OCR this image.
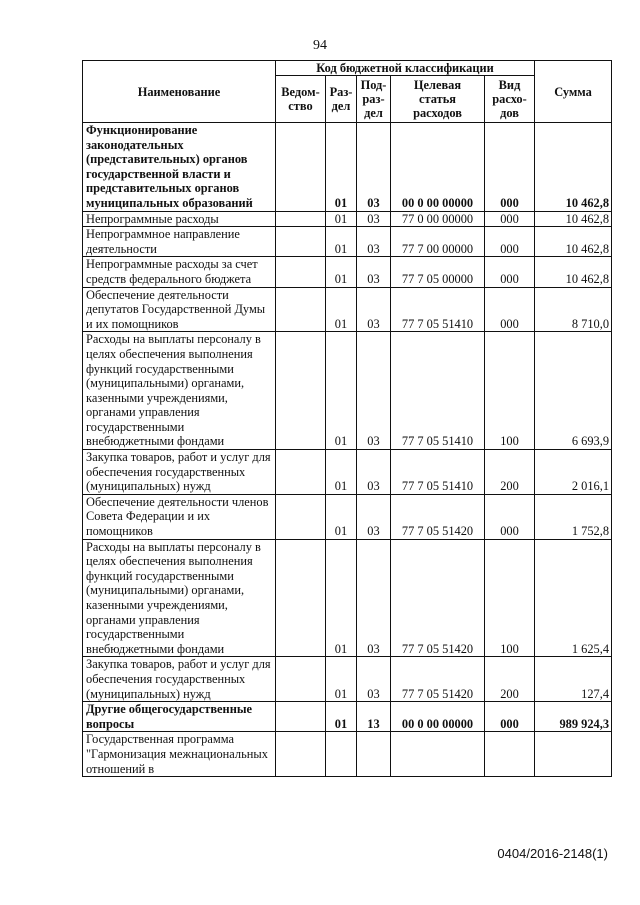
94
Наименование	Код бюджетной классификации					Сумма
	Ведом-ство	Раз-дел	Под-раз-дел	Целевая статья расходов	Вид расхо-дов	
Функционирование законодательных (представительных) органов государственной власти и представительных органов муниципальных образований		01	03	00 0 00 00000	000	10 462,8
Непрограммные расходы		01	03	77 0 00 00000	000	10 462,8
Непрограммное направление деятельности		01	03	77 7 00 00000	000	10 462,8
Непрограммные расходы за счет средств федерального бюджета		01	03	77 7 05 00000	000	10 462,8
Обеспечение деятельности депутатов Государственной Думы и их помощников		01	03	77 7 05 51410	000	8 710,0
Расходы на выплаты персоналу в целях обеспечения выполнения функций государственными (муниципальными) органами, казенными учреждениями, органами управления государственными внебюджетными фондами		01	03	77 7 05 51410	100	6 693,9
Закупка товаров, работ и услуг для обеспечения государственных (муниципальных) нужд		01	03	77 7 05 51410	200	2 016,1
Обеспечение деятельности членов Совета Федерации и их помощников		01	03	77 7 05 51420	000	1 752,8
Расходы на выплаты персоналу в целях обеспечения выполнения функций государственными (муниципальными) органами, казенными учреждениями, органами управления государственными внебюджетными фондами		01	03	77 7 05 51420	100	1 625,4
Закупка товаров, работ и услуг для обеспечения государственных (муниципальных) нужд		01	03	77 7 05 51420	200	127,4
Другие общегосударственные вопросы		01	13	00 0 00 00000	000	989 924,3
Государственная программа "Гармонизация межнациональных отношений в						
0404/2016-2148(1)
